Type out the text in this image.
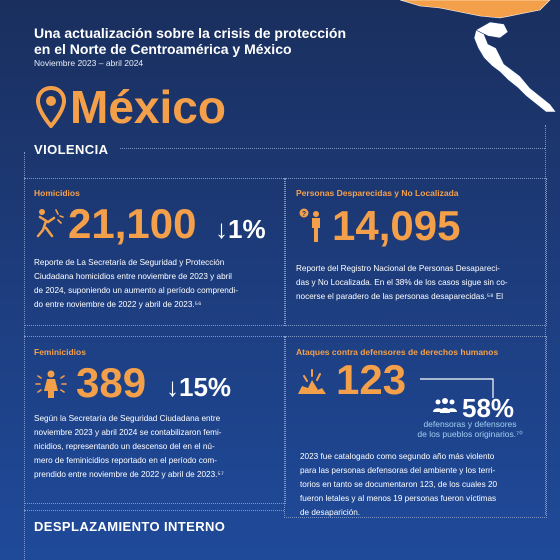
Una actualización sobre la crisis de protección
en el Norte de Centroamérica y México
Noviembre 2023 – abril 2024
México
VIOLENCIA
Homicidios
21,100 ↓1%
Reporte de La Secretaría de Seguridad y Protección
Ciudadana homicidios entre noviembre de 2023 y abril
de 2024, suponiendo un aumento al período comprendi-
do entre noviembre de 2022 y abril de 2023.⁵⁶
Personas Desparecidas y No Localizada
? 14,095
Reporte del Registro Nacional de Personas Desapareci-
das y No Localizada. En el 38% de los casos sigue sin co-
nocerse el paradero de las personas desaparecidas.⁵⁸ El
Feminicidios
389 ↓15%
Según la Secretaría de Seguridad Ciudadana entre
noviembre 2023 y abril 2024 se contabilizaron femi-
nicidios, representando un descenso del en el nú-
mero de feminicidios reportado en el período com-
prendido entre noviembre de 2022 y abril de 2023.⁵⁷
Ataques contra defensores de derechos humanos
123
58%
defensoras y defensores
de los pueblos originarios.⁷⁰
2023 fue catalogado como segundo año más violento
para las personas defensoras del ambiente y los terri-
torios en tanto se documentaron 123, de los cuales 20
fueron letales y al menos 19 personas fueron víctimas
de desaparición.
DESPLAZAMIENTO INTERNO
